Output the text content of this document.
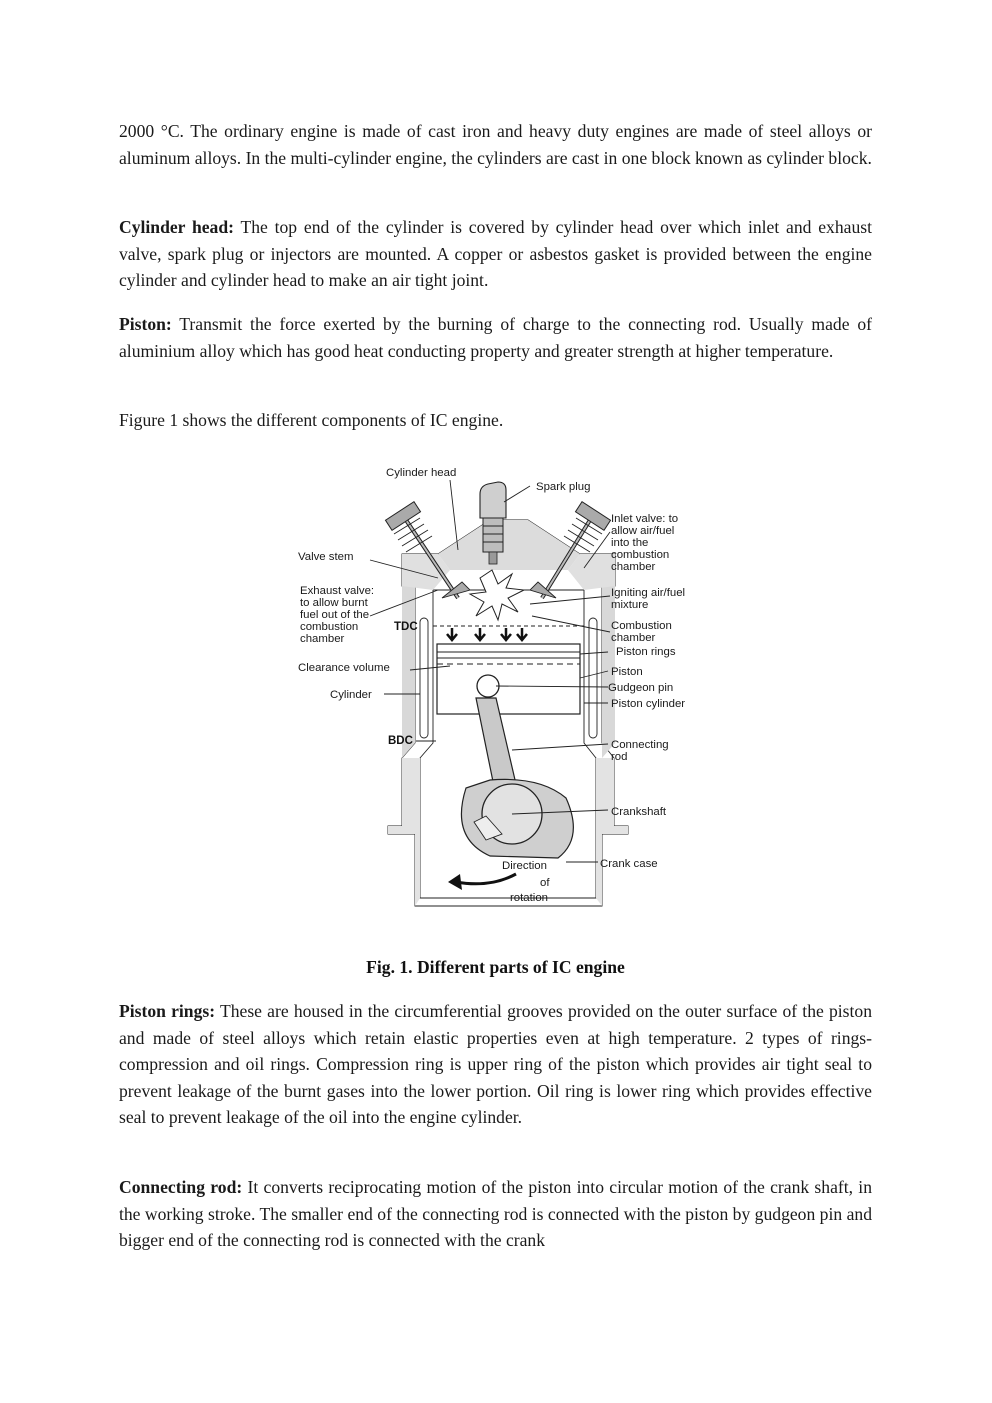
2000 °C. The ordinary engine is made of cast iron and heavy duty engines are made of steel alloys or aluminum alloys. In the multi-cylinder engine, the cylinders are cast in one block known as cylinder block.

Cylinder head: The top end of the cylinder is covered by cylinder head over which inlet and exhaust valve, spark plug or injectors are mounted. A copper or asbestos gasket is provided between the engine cylinder and cylinder head to make an air tight joint.

Piston: Transmit the force exerted by the burning of charge to the connecting rod. Usually made of aluminium alloy which has good heat conducting property and greater strength at higher temperature.

Figure 1 shows the different components of IC engine.

Cylinder head
Spark plug
Inlet valve: to
allow air/fuel
into the
combustion
chamber
Valve stem
Igniting air/fuel
mixture
Exhaust valve:
to allow burnt
fuel out of the
combustion
chamber
TDC	Combustion
chamber
Piston rings
Clearance volume	Piston
Gudgeon pin
Cylinder
Piston cylinder
BDC	Connecting
rod
Crankshaft
Crank case
Direction
of
rotation

Fig. 1. Different parts of IC engine

Piston rings: These are housed in the circumferential grooves provided on the outer surface of the piston and made of steel alloys which retain elastic properties even at high temperature. 2 types of rings- compression and oil rings. Compression ring is upper ring of the piston which provides air tight seal to prevent leakage of the burnt gases into the lower portion. Oil ring is lower ring which provides effective seal to prevent leakage of the oil into the engine cylinder.

Connecting rod: It converts reciprocating motion of the piston into circular motion of the crank shaft, in the working stroke. The smaller end of the connecting rod is connected with the piston by gudgeon pin and bigger end of the connecting rod is connected with the crank
